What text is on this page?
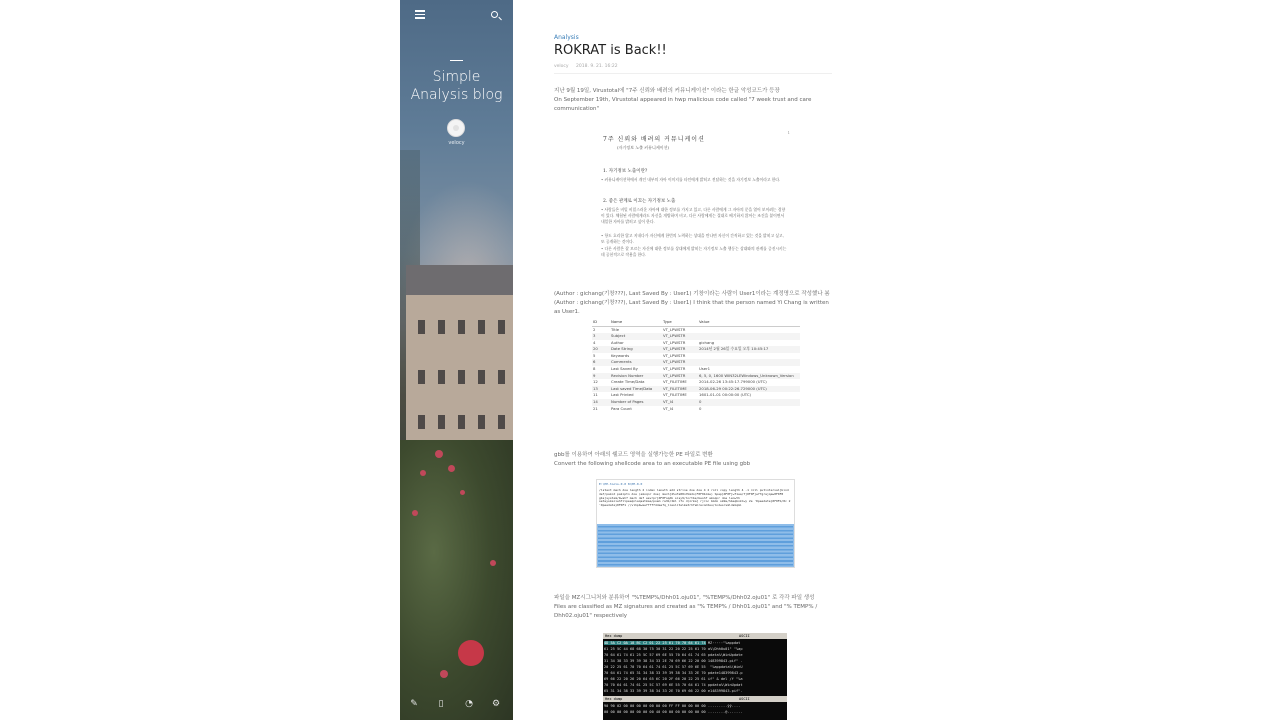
Simple
Analysis blog
velocy
✎	▯	◔	⚙
Analysis
ROKRAT is Back!!
velocy 2018. 9. 21. 16:22

지난 9월 19일, Virustotal에 "7주 신뢰와 배려의 커뮤니케이션" 이라는 한글 악성코드가 등장

On September 19th, Virustotal appeared in hwp malicious code called "7 week trust and care communication"

7주 신뢰와 배려의 커뮤니케이션
(자기정보 노출 커뮤니케이션)
1
1. 자기정보 노출이란?
• 커뮤니케이션학에서 개인 내부의 자아 이미지를 타인에게 밝히고 전달하는 것을 자기정보 노출이라고 한다.
2. 좋은 관계로 이끄는 자기정보 노출
• 사람들은 비밀 비밀스러운 자아에 대한 정보를 가지고 있고, 다른 사람에게 그 자아의 문을 열어 보이려는 경향이 있다. 체험된 사람에게라도 자신을 개방하며 비고, 다른 사람에게는 절대로 베기하지 않아는 조건을 붙이면서 내일한 자아를 밝히고 싶어 한다.
• 항도 흐리한 않고 지내다가 자신에게 한번의 노력하는 상대을 만나면 자신이 간직하고 있는 것을 밝히고 싶고, 또 공개하는 것이다.
• 다른 사람은 잘 모르는 자신에 대한 정보를 상대에게 밝히는 자기정보 노출 행동는 상대와의 관계를 증진시키는데 공헌적으로 작용을 한다.

(Author : gichang(기창???), Last Saved By : User1) 기창이라는 사람이 User1이라는 계정명으로 작성했나 봄

(Author : gichang(기창???), Last Saved By : User1) I think that the person named Yi Chang is written as User1.

ID	Name	Type	Value
2	Title	VT_LPWSTR	
3	Subject	VT_LPWSTR	
4	Author	VT_LPWSTR	gichang
20	Date String	VT_LPWSTR	2014년 2월 26일 수요일 오후 10:45:17
5	Keywords	VT_LPWSTR	
6	Comments	VT_LPWSTR	
8	Last Saved By	VT_LPWSTR	User1
9	Revision Number	VT_LPWSTR	6, 5, 0, 1600 WIN32LEWindows_Unknown_Version
12	Create Time/Data	VT_FILETIME	2014-02-26 13:45:17.799000 (UTC)
13	Last saved Time/Data	VT_FILETIME	2018-06-29 00:22:26.729000 (UTC)
11	Last Printed	VT_FILETIME	1601-01-01 00:00:00 (UTC)
14	Number of Pages	VT_I4	0
21	Para Count	VT_I4	0

gbb를 이용하여 아래의 쉘코드 영역을 실행가능한 PE 파일로 변환

Convert the following shellcode area to an executable PE file using gbb

E:\PE-tools-0.0 8\PE-0.0
/lstext mach doe length 2 index lenwth add strine doe doe 4 2 roll copy length 4 -1 roll putinterval]bind def/pakcd pakiptn doe (amoqnr doe) mach]4%ufa88n7bmdo(F0F0bimw) Spep}0F0Fjwf1ea/T]0F0Fjwffgrajqaw0F0F8 gbs]system/bwshf mach def eevrpr}0F0Foqdb sisy9/lnrtbe/bwshf amoqnr doe lenwth seteyskaiiwhfilpeeqnlaqsatmaa/poem ra3b/Iml ifo d(zrma[ rjroc bmdo sm9e/Sbeqbnklwy 2e 'Dpeedate}0F0Fb/8c 2 'Dpeedate}0F0F1 //vlhpbwewfffffddeefq_lieslitelmetrhfehrecomteu/lndwsrsmldsbqmi

파일을 MZ시그니처와 분류하여 "%TEMP%/Dhh01.oju01", "%TEMP%/Dhh02.oju01" 로 각각 파일 생성

Files are classified as MZ signatures and created as "% TEMP% / Dhh01.oju01" and "% TEMP% / Dhh02.oju01" respectively

Hex dump	ASCII
4D 5A C2 0A 18 BC C2 01 22 25 61 70 70 64 61 74 MZ·····"%appdat
61 25 5C 44 68 68 30 75 30 31 22 20 22 25 61 70 a%\Dhh0u01" "%ap
70 64 61 74 61 25 5C 57 69 6E 55 70 64 61 74 65 pdata%\WinUpdate
31 34 38 33 39 39 38 34 33 2E 70 69 66 22 20 00 148399843.pif" .
20 22 25 61 70 70 64 61 74 61 25 5C 57 69 6E 55  "%appdata%\WinU
70 64 61 74 65 31 34 38 33 39 39 38 34 33 2E 70 pdate148399843.p
69 66 22 20 26 20 64 65 6C 20 2F 66 20 22 25 61 if" & del /f "%a
70 70 64 61 74 61 25 5C 57 69 6E 55 70 64 61 74 ppdata%\WinUpdat
65 31 34 38 33 39 39 38 34 33 2E 70 69 66 22 00 e148399843.pif".
Hex dump	ASCII
90 90 02 00 00 00 00 00 00 00 FF FF 00 00 00 00 .........ÿÿ....
00 00 00 00 00 00 00 00 40 00 00 00 00 00 00 00 ........@.......
